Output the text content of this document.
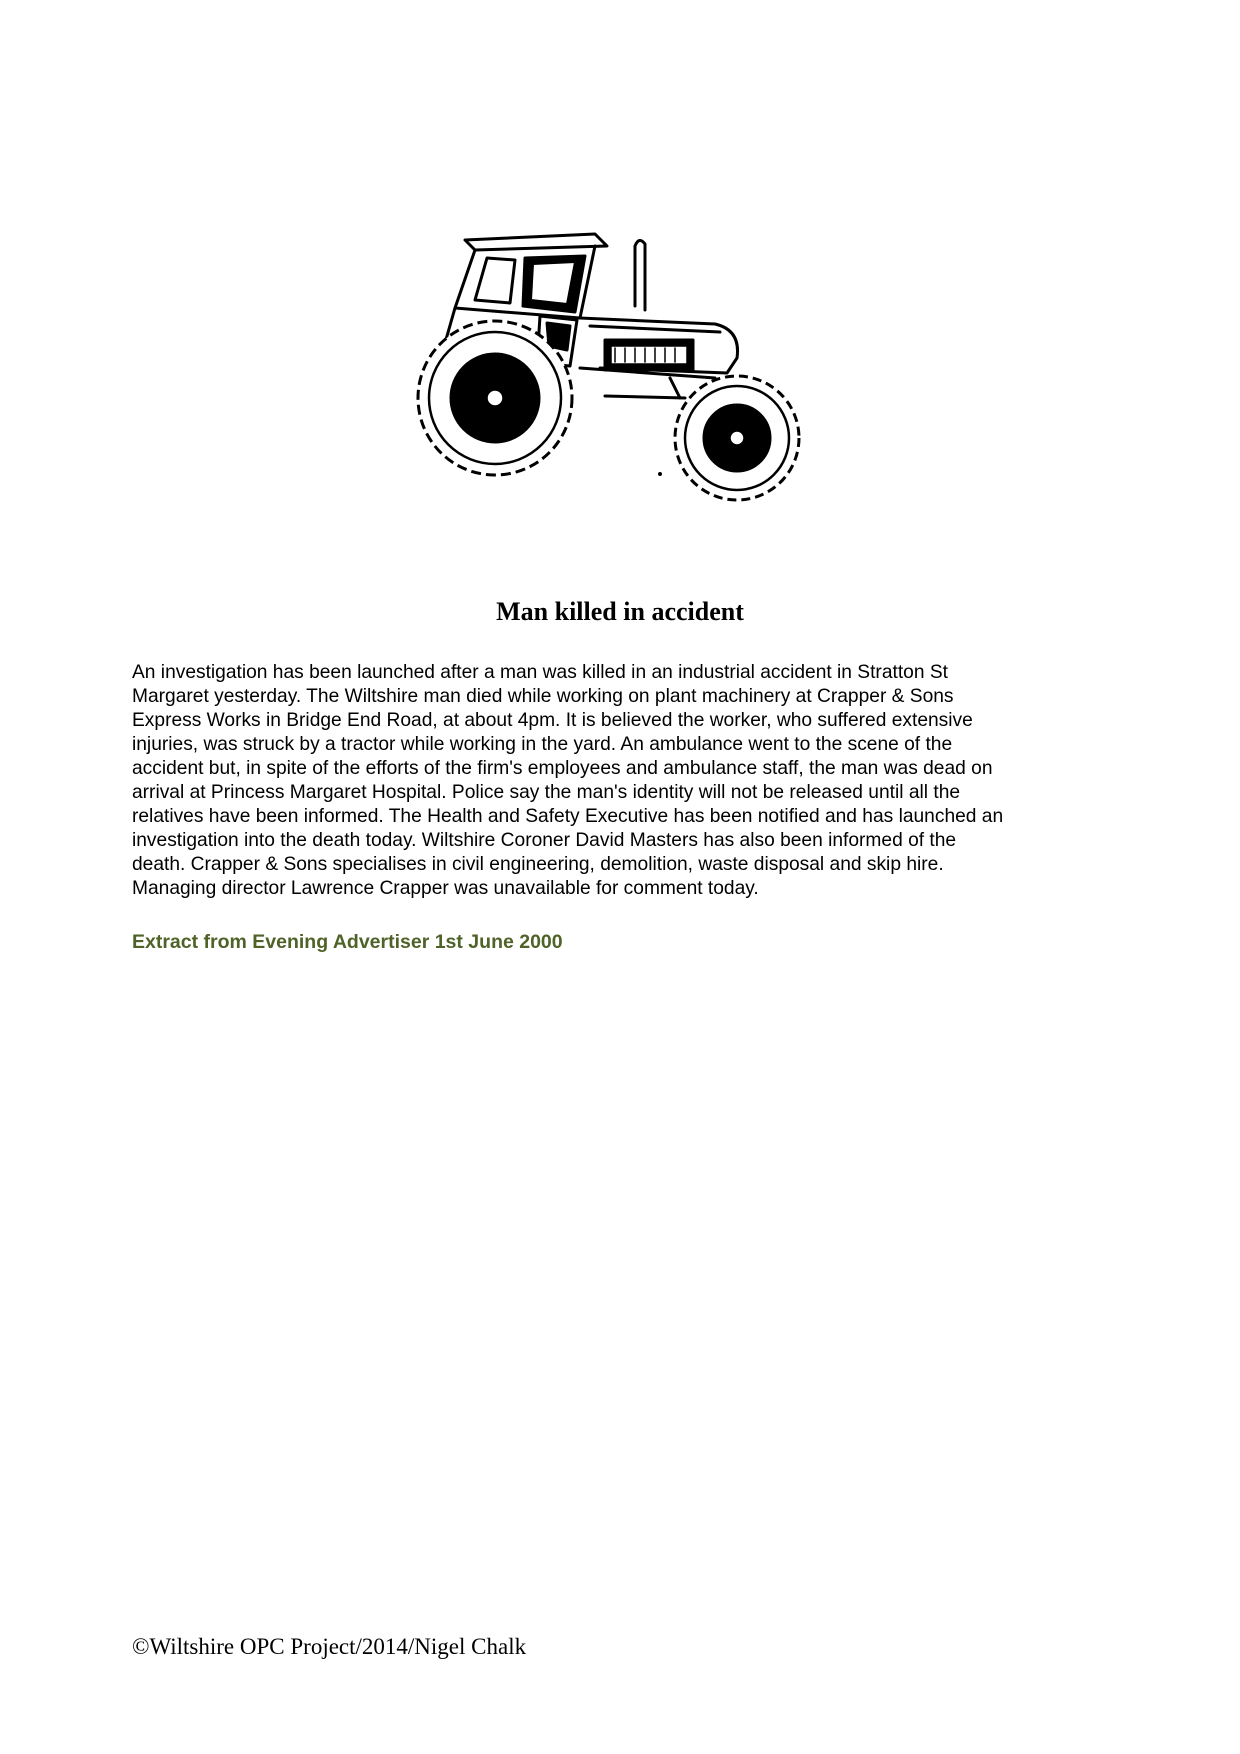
Man killed in accident

An investigation has been launched after a man was killed in an industrial accident in Stratton St
Margaret yesterday. The Wiltshire man died while working on plant machinery at Crapper & Sons
Express Works in Bridge End Road, at about 4pm. It is believed the worker, who suffered extensive
injuries, was struck by a tractor while working in the yard. An ambulance went to the scene of the
accident but, in spite of the efforts of the firm's employees and ambulance staff, the man was dead on
arrival at Princess Margaret Hospital. Police say the man's identity will not be released until all the
relatives have been informed. The Health and Safety Executive has been notified and has launched an
investigation into the death today. Wiltshire Coroner David Masters has also been informed of the
death. Crapper & Sons specialises in civil engineering, demolition, waste disposal and skip hire.
Managing director Lawrence Crapper was unavailable for comment today.

Extract from Evening Advertiser 1st June 2000

©Wiltshire OPC Project/2014/Nigel Chalk
